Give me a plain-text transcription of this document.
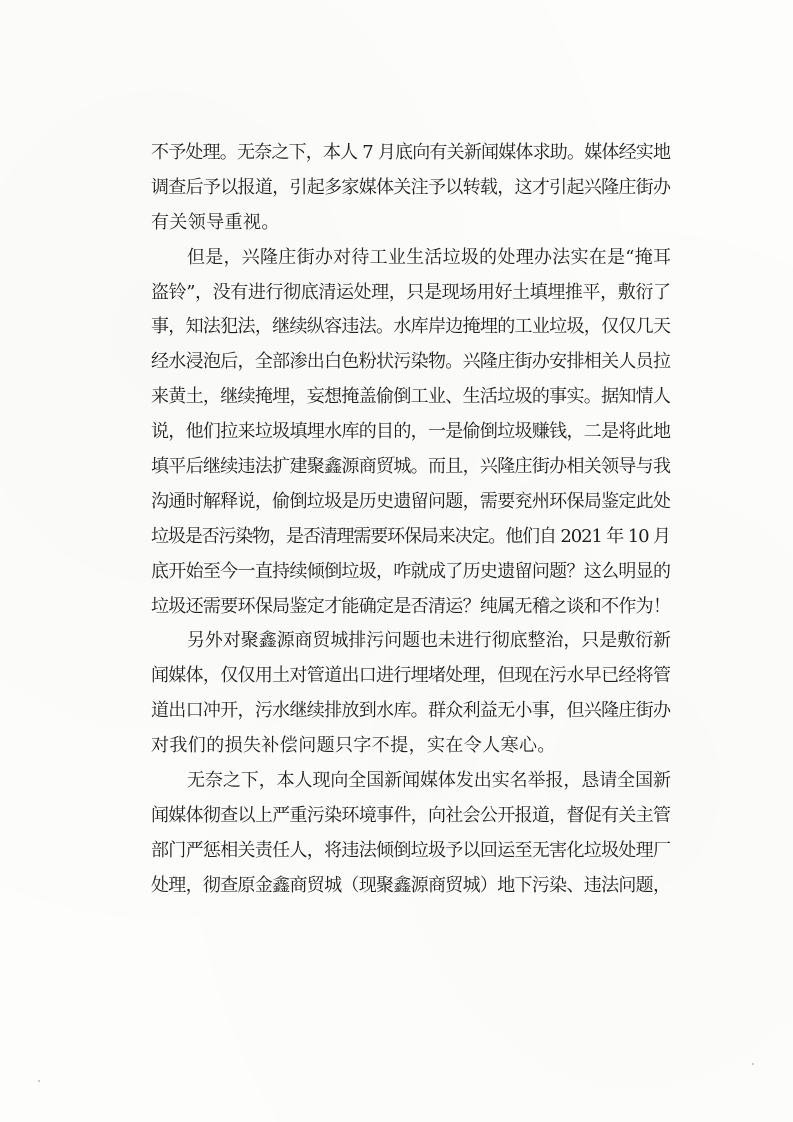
不予处理。无奈之下，本人 7 月底向有关新闻媒体求助。媒体经实地
调查后予以报道，引起多家媒体关注予以转载，这才引起兴隆庄街办
有关领导重视。
但是，兴隆庄街办对待工业生活垃圾的处理办法实在是“掩耳
盗铃”，没有进行彻底清运处理，只是现场用好土填埋推平，敷衍了
事，知法犯法，继续纵容违法。水库岸边掩埋的工业垃圾，仅仅几天
经水浸泡后，全部渗出白色粉状污染物。兴隆庄街办安排相关人员拉
来黄土，继续掩埋，妄想掩盖偷倒工业、生活垃圾的事实。据知情人
说，他们拉来垃圾填埋水库的目的，一是偷倒垃圾赚钱，二是将此地
填平后继续违法扩建聚鑫源商贸城。而且，兴隆庄街办相关领导与我
沟通时解释说，偷倒垃圾是历史遗留问题，需要兖州环保局鉴定此处
垃圾是否污染物，是否清理需要环保局来决定。他们自 2021 年 10 月
底开始至今一直持续倾倒垃圾，咋就成了历史遗留问题？这么明显的
垃圾还需要环保局鉴定才能确定是否清运？纯属无稽之谈和不作为！
另外对聚鑫源商贸城排污问题也未进行彻底整治，只是敷衍新
闻媒体，仅仅用土对管道出口进行埋堵处理，但现在污水早已经将管
道出口冲开，污水继续排放到水库。群众利益无小事，但兴隆庄街办
对我们的损失补偿问题只字不提，实在令人寒心。
无奈之下，本人现向全国新闻媒体发出实名举报，恳请全国新
闻媒体彻查以上严重污染环境事件，向社会公开报道，督促有关主管
部门严惩相关责任人，将违法倾倒垃圾予以回运至无害化垃圾处理厂
处理，彻查原金鑫商贸城（现聚鑫源商贸城）地下污染、违法问题，
